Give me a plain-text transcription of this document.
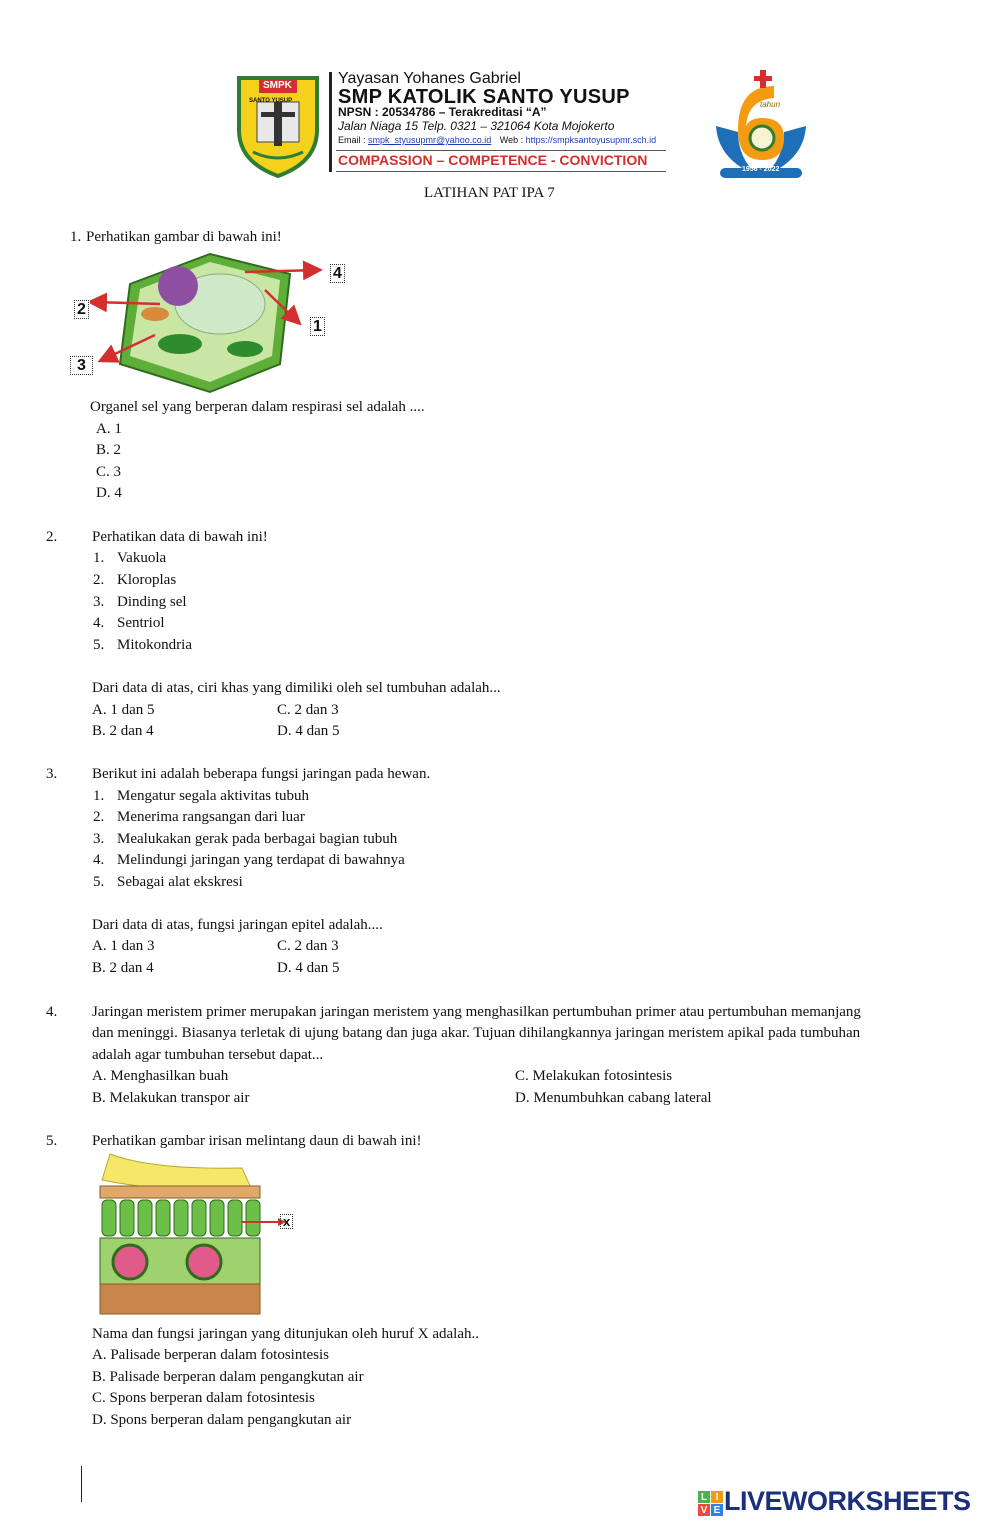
SMPK
SANTO YUSUP
Yayasan Yohanes Gabriel
SMP KATOLIK SANTO YUSUP
NPSN : 20534786 – Terakreditasi “A”
Jalan Niaga 15 Telp. 0321 – 321064 Kota Mojokerto
Email : smpk_styusupmr@yahoo.co.id Web : https://smpksantoyusupmr.sch.id
COMPASSION – COMPETENCE - CONVICTION
tahun
1956 - 2022
LATIHAN PAT IPA 7
1. Perhatikan gambar di bawah ini!
1
2
3
4
Organel sel yang berperan dalam respirasi sel adalah ....
A. 1
B. 2
C. 3
D. 4
2. Perhatikan data di bawah ini!
1. Vakuola
2. Kloroplas
3. Dinding sel
4. Sentriol
5. Mitokondria
Dari data di atas, ciri khas yang dimiliki oleh sel tumbuhan adalah...
A. 1 dan 5	C. 2 dan 3
B. 2 dan 4	D. 4 dan 5
3. Berikut ini adalah beberapa fungsi jaringan pada hewan.
1. Mengatur segala aktivitas tubuh
2. Menerima rangsangan dari luar
3. Mealukakan gerak pada berbagai bagian tubuh
4. Melindungi jaringan yang terdapat di bawahnya
5. Sebagai alat ekskresi
Dari data di atas, fungsi jaringan epitel adalah....
A. 1 dan 3	C. 2 dan 3
B. 2 dan 4	D. 4 dan 5
4. Jaringan meristem primer merupakan jaringan meristem yang menghasilkan pertumbuhan primer atau pertumbuhan memanjang
dan meninggi. Biasanya terletak di ujung batang dan juga akar. Tujuan dihilangkannya jaringan meristem apikal pada tumbuhan
adalah agar tumbuhan tersebut dapat...
A. Menghasilkan buah	C. Melakukan fotosintesis
B. Melakukan transpor air	D. Menumbuhkan cabang lateral
5. Perhatikan gambar irisan melintang daun di bawah ini!
x
Nama dan fungsi jaringan yang ditunjukan oleh huruf X adalah..
A. Palisade berperan dalam fotosintesis
B. Palisade berperan dalam pengangkutan air
C. Spons berperan dalam fotosintesis
D. Spons berperan dalam pengangkutan air
L I
V E LIVEWORKSHEETS
